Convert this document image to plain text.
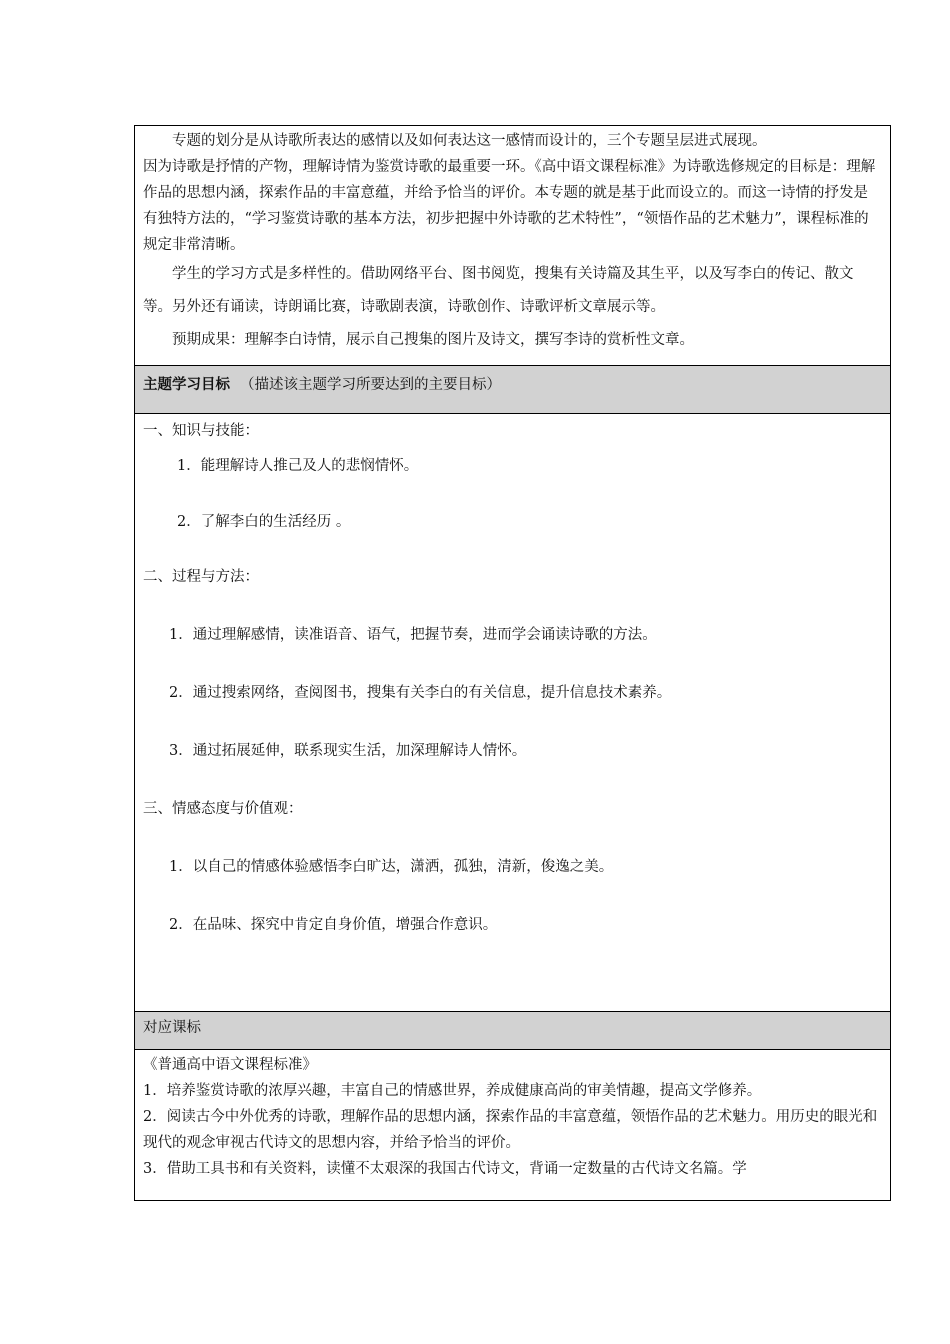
专题的划分是从诗歌所表达的感情以及如何表达这一感情而设计的，三个专题呈层进式展现。

因为诗歌是抒情的产物，理解诗情为鉴赏诗歌的最重要一环。《高中语文课程标准》为诗歌选修规定的目标是：理解作品的思想内涵，探索作品的丰富意蕴，并给予恰当的评价。本专题的就是基于此而设立的。而这一诗情的抒发是有独特方法的，“学习鉴赏诗歌的基本方法，初步把握中外诗歌的艺术特性”，“领悟作品的艺术魅力”，课程标准的规定非常清晰。

学生的学习方式是多样性的。借助网络平台、图书阅览，搜集有关诗篇及其生平，以及写李白的传记、散文等。另外还有诵读，诗朗诵比赛，诗歌剧表演，诗歌创作、诗歌评析文章展示等。

预期成果：理解李白诗情，展示自己搜集的图片及诗文，撰写李诗的赏析性文章。

主题学习目标 （描述该主题学习所要达到的主要目标）
一、知识与技能：
1．能理解诗人推己及人的悲悯情怀。
2．了解李白的生活经历 。
二、过程与方法：
1．通过理解感情，读准语音、语气，把握节奏，进而学会诵读诗歌的方法。
2．通过搜索网络，查阅图书，搜集有关李白的有关信息，提升信息技术素养。
3．通过拓展延伸，联系现实生活，加深理解诗人情怀。
三、情感态度与价值观：
1．以自己的情感体验感悟李白旷达，潇洒，孤独，清新，俊逸之美。
2．在品味、探究中肯定自身价值，增强合作意识。
对应课标

《普通高中语文课程标准》

1．培养鉴赏诗歌的浓厚兴趣，丰富自己的情感世界，养成健康高尚的审美情趣，提高文学修养。

2．阅读古今中外优秀的诗歌，理解作品的思想内涵，探索作品的丰富意蕴，领悟作品的艺术魅力。用历史的眼光和现代的观念审视古代诗文的思想内容，并给予恰当的评价。

3．借助工具书和有关资料，读懂不太艰深的我国古代诗文，背诵一定数量的古代诗文名篇。学
